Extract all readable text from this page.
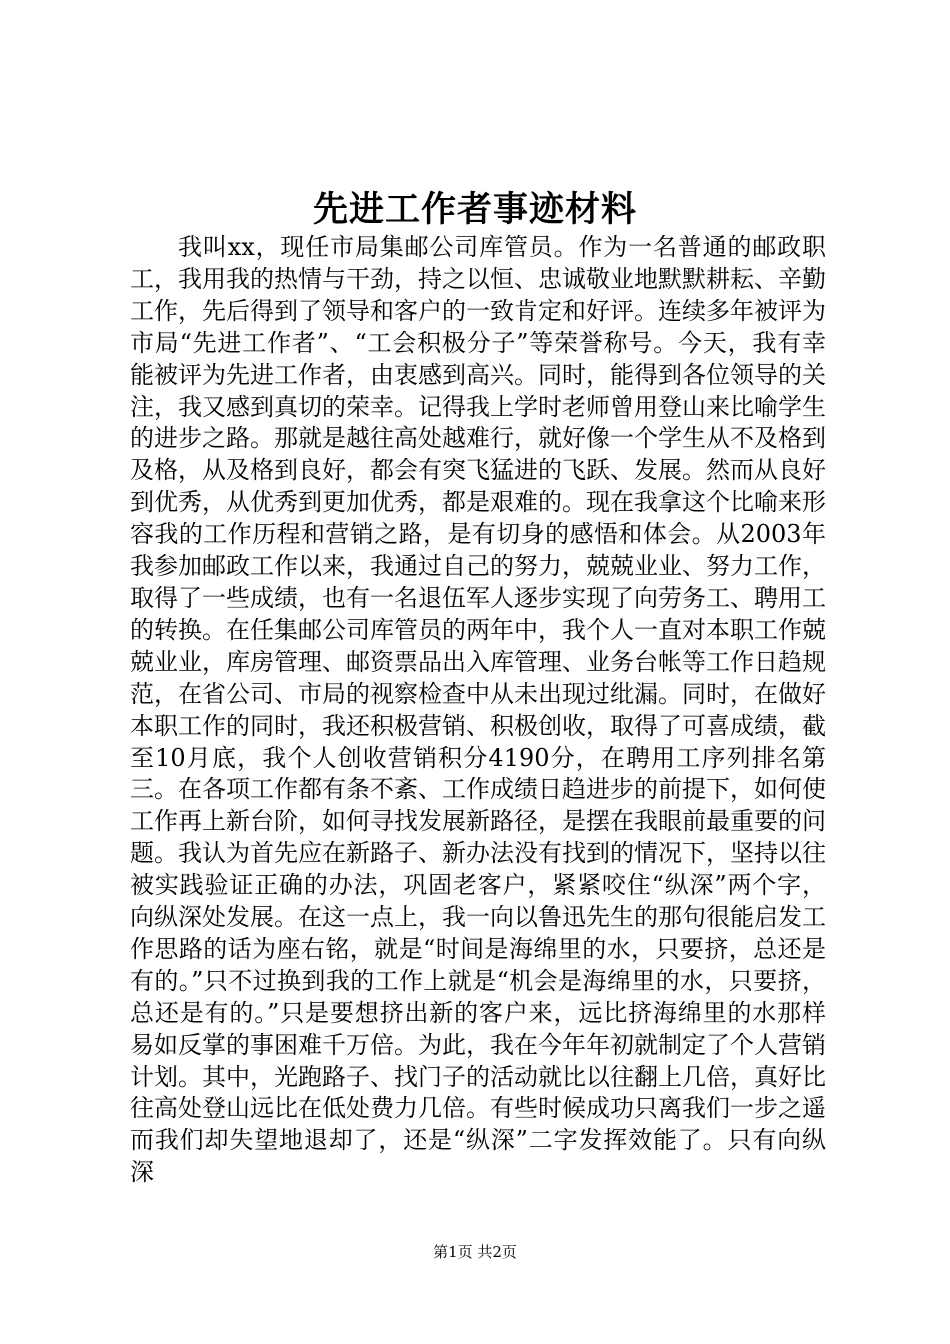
先进工作者事迹材料

我叫xx，现任市局集邮公司库管员。作为一名普通的邮政职工，我用我的热情与干劲，持之以恒、忠诚敬业地默默耕耘、辛勤工作，先后得到了领导和客户的一致肯定和好评。连续多年被评为市局“先进工作者”、“工会积极分子”等荣誉称号。今天，我有幸能被评为先进工作者，由衷感到高兴。同时，能得到各位领导的关注，我又感到真切的荣幸。记得我上学时老师曾用登山来比喻学生的进步之路。那就是越往高处越难行，就好像一个学生从不及格到及格，从及格到良好，都会有突飞猛进的飞跃、发展。然而从良好到优秀，从优秀到更加优秀，都是艰难的。现在我拿这个比喻来形容我的工作历程和营销之路，是有切身的感悟和体会。从2003年我参加邮政工作以来，我通过自己的努力，兢兢业业、努力工作，取得了一些成绩，也有一名退伍军人逐步实现了向劳务工、聘用工的转换。在任集邮公司库管员的两年中，我个人一直对本职工作兢兢业业，库房管理、邮资票品出入库管理、业务台帐等工作日趋规范，在省公司、市局的视察检查中从未出现过纰漏。同时，在做好本职工作的同时，我还积极营销、积极创收，取得了可喜成绩，截至10月底，我个人创收营销积分4190分，在聘用工序列排名第三。在各项工作都有条不紊、工作成绩日趋进步的前提下，如何使工作再上新台阶，如何寻找发展新路径，是摆在我眼前最重要的问题。我认为首先应在新路子、新办法没有找到的情况下，坚持以往被实践验证正确的办法，巩固老客户，紧紧咬住“纵深”两个字，向纵深处发展。在这一点上，我一向以鲁迅先生的那句很能启发工作思路的话为座右铭，就是“时间是海绵里的水，只要挤，总还是有的。”只不过换到我的工作上就是“机会是海绵里的水，只要挤，总还是有的。”只是要想挤出新的客户来，远比挤海绵里的水那样易如反掌的事困难千万倍。为此，我在今年年初就制定了个人营销计划。其中，光跑路子、找门子的活动就比以往翻上几倍，真好比往高处登山远比在低处费力几倍。有些时候成功只离我们一步之遥而我们却失望地退却了，还是“纵深”二字发挥效能了。只有向纵深

第1页 共2页
